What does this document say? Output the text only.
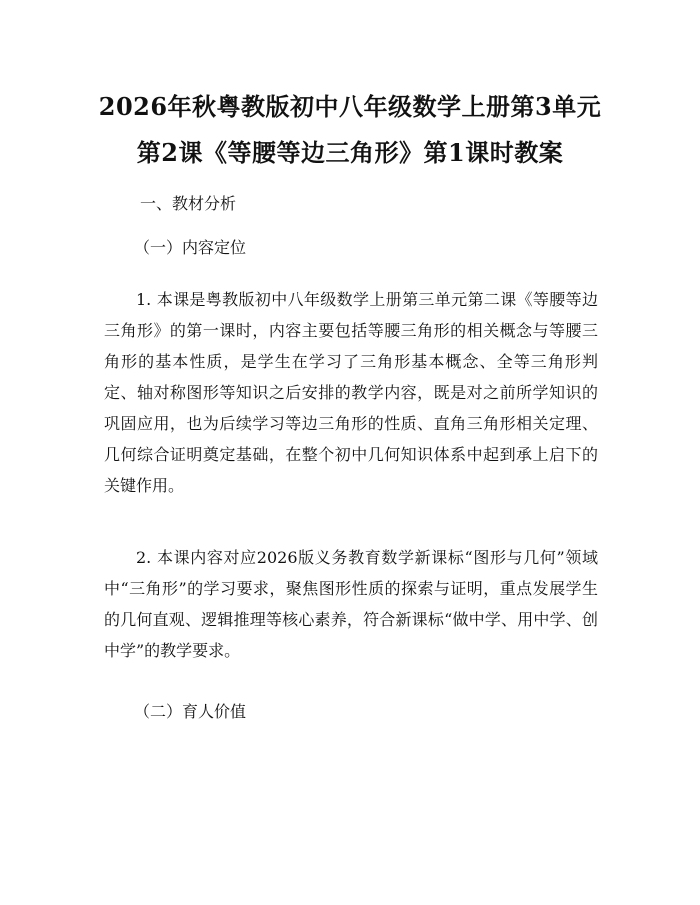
2026年秋粤教版初中八年级数学上册第3单元第2课《等腰等边三角形》第1课时教案
一、教材分析
（一）内容定位
1. 本课是粤教版初中八年级数学上册第三单元第二课《等腰等边三角形》的第一课时，内容主要包括等腰三角形的相关概念与等腰三角形的基本性质，是学生在学习了三角形基本概念、全等三角形判定、轴对称图形等知识之后安排的教学内容，既是对之前所学知识的巩固应用，也为后续学习等边三角形的性质、直角三角形相关定理、几何综合证明奠定基础，在整个初中几何知识体系中起到承上启下的关键作用。
2. 本课内容对应2026版义务教育数学新课标“图形与几何”领域中“三角形”的学习要求，聚焦图形性质的探索与证明，重点发展学生的几何直观、逻辑推理等核心素养，符合新课标“做中学、用中学、创中学”的教学要求。
（二）育人价值
